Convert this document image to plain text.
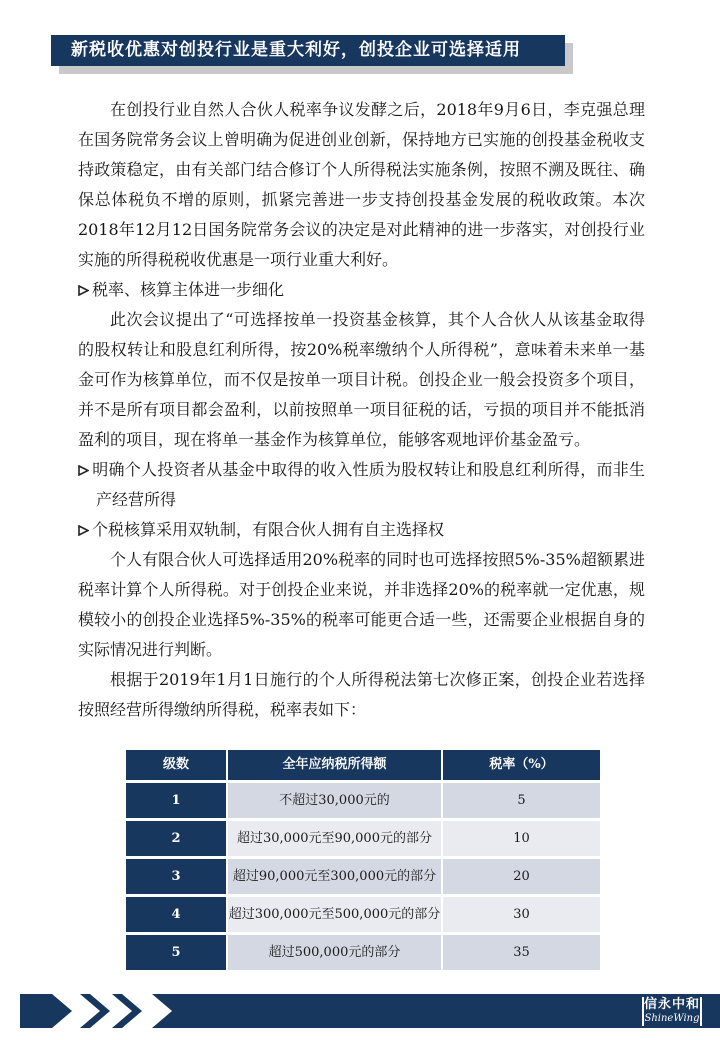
新税收优惠对创投行业是重大利好，创投企业可选择适用

在创投行业自然人合伙人税率争议发酵之后，2018年9月6日，李克强总理在国务院常务会议上曾明确为促进创业创新，保持地方已实施的创投基金税收支持政策稳定，由有关部门结合修订个人所得税法实施条例，按照不溯及既往、确保总体税负不增的原则，抓紧完善进一步支持创投基金发展的税收政策。本次2018年12月12日国务院常务会议的决定是对此精神的进一步落实，对创投行业实施的所得税税收优惠是一项行业重大利好。

税率、核算主体进一步细化

此次会议提出了“可选择按单一投资基金核算，其个人合伙人从该基金取得的股权转让和股息红利所得，按20%税率缴纳个人所得税”，意味着未来单一基金可作为核算单位，而不仅是按单一项目计税。创投企业一般会投资多个项目，并不是所有项目都会盈利，以前按照单一项目征税的话，亏损的项目并不能抵消盈利的项目，现在将单一基金作为核算单位，能够客观地评价基金盈亏。

明确个人投资者从基金中取得的收入性质为股权转让和股息红利所得，而非生产经营所得
个税核算采用双轨制，有限合伙人拥有自主选择权

个人有限合伙人可选择适用20%税率的同时也可选择按照5%-35%超额累进税率计算个人所得税。对于创投企业来说，并非选择20%的税率就一定优惠，规模较小的创投企业选择5%-35%的税率可能更合适一些，还需要企业根据自身的实际情况进行判断。

根据于2019年1月1日施行的个人所得税法第七次修正案，创投企业若选择按照经营所得缴纳所得税，税率表如下：

级数	全年应纳税所得额	税率（%）
1	不超过30,000元的	5
2	超过30,000元至90,000元的部分	10
3	超过90,000元至300,000元的部分	20
4	超过300,000元至500,000元的部分	30
5	超过500,000元的部分	35
信永中和
ShineWing
